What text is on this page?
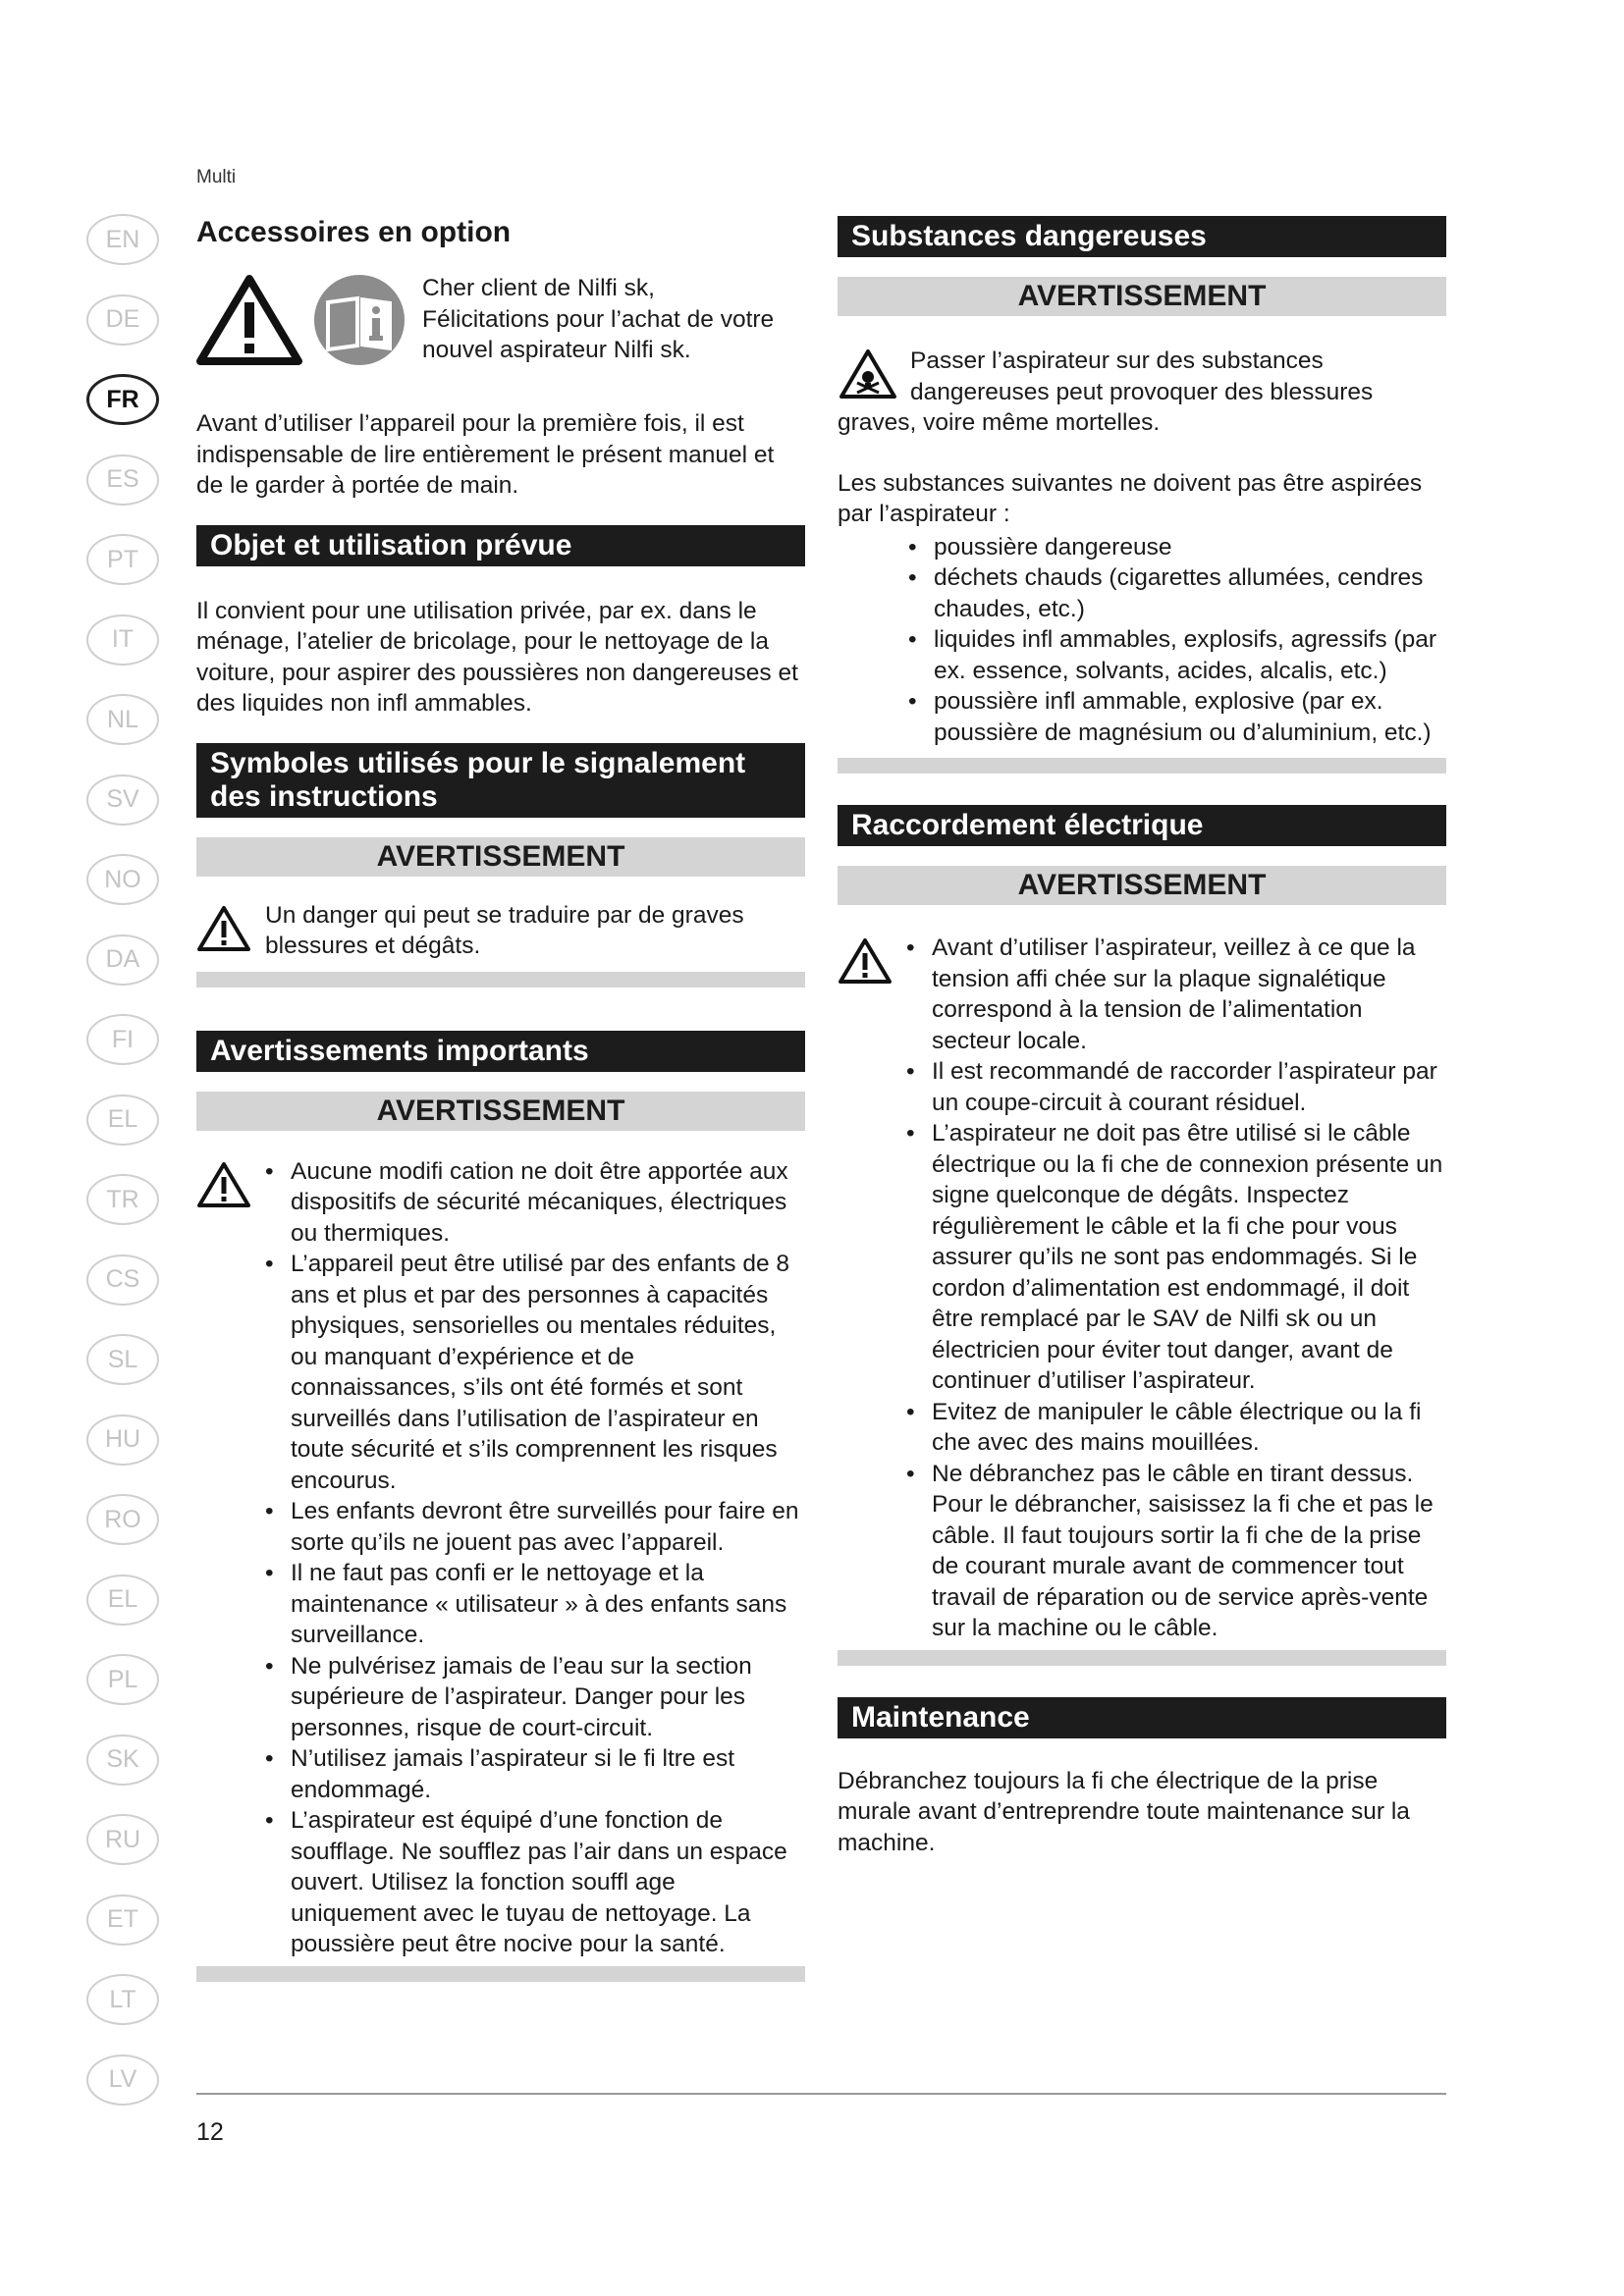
Multi
EN
DE
FR
ES
PT
IT
NL
SV
NO
DA
FI
EL
TR
CS
SL
HU
RO
EL
PL
SK
RU
ET
LT
LV
Accessoires en option

Cher client de Nilfi sk,
Félicitations pour l’achat de votre nouvel aspirateur Nilfi sk.

Avant d’utiliser l’appareil pour la première fois, il est indispensable de lire entièrement le présent manuel et de le garder à portée de main.

Objet et utilisation prévue

Il convient pour une utilisation privée, par ex. dans le ménage, l’atelier de bricolage, pour le nettoyage de la voiture, pour aspirer des poussières non dangereuses et des liquides non infl ammables.

Symboles utilisés pour le signalement des instructions
AVERTISSEMENT

Un danger qui peut se traduire par de graves blessures et dégâts.

Avertissements importants
AVERTISSEMENT
• Aucune modifi cation ne doit être apportée aux dispositifs de sécurité mécaniques, électriques ou thermiques.
• L’appareil peut être utilisé par des enfants de 8 ans et plus et par des personnes à capacités physiques, sensorielles ou mentales réduites, ou manquant d’expérience et de connaissances, s’ils ont été formés et sont surveillés dans l’utilisation de l’aspirateur en toute sécurité et s’ils comprennent les risques encourus.
• Les enfants devront être surveillés pour faire en sorte qu’ils ne jouent pas avec l’appareil.
• Il ne faut pas confi er le nettoyage et la maintenance « utilisateur » à des enfants sans surveillance.
• Ne pulvérisez jamais de l’eau sur la section supérieure de l’aspirateur. Danger pour les personnes, risque de court-circuit.
• N’utilisez jamais l’aspirateur si le fi ltre est endommagé.
• L’aspirateur est équipé d’une fonction de soufflage. Ne soufflez pas l’air dans un espace ouvert. Utilisez la fonction souffl age uniquement avec le tuyau de nettoyage. La poussière peut être nocive pour la santé.
Substances dangereuses
AVERTISSEMENT

Passer l’aspirateur sur des substances dangereuses peut provoquer des blessures graves, voire même mortelles.

Les substances suivantes ne doivent pas être aspirées par l’aspirateur :

• poussière dangereuse
• déchets chauds (cigarettes allumées, cendres chaudes, etc.)
• liquides infl ammables, explosifs, agressifs (par ex. essence, solvants, acides, alcalis, etc.)
• poussière infl ammable, explosive (par ex. poussière de magnésium ou d’aluminium, etc.)
Raccordement électrique
AVERTISSEMENT
• Avant d’utiliser l’aspirateur, veillez à ce que la tension affi chée sur la plaque signalétique correspond à la tension de l’alimentation secteur locale.
• Il est recommandé de raccorder l’aspirateur par un coupe-circuit à courant résiduel.
• L’aspirateur ne doit pas être utilisé si le câble électrique ou la fi che de connexion présente un signe quelconque de dégâts. Inspectez régulièrement le câble et la fi che pour vous assurer qu’ils ne sont pas endommagés. Si le cordon d’alimentation est endommagé, il doit être remplacé par le SAV de Nilfi sk ou un électricien pour éviter tout danger, avant de continuer d’utiliser l’aspirateur.
• Evitez de manipuler le câble électrique ou la fi che avec des mains mouillées.
• Ne débranchez pas le câble en tirant dessus. Pour le débrancher, saisissez la fi che et pas le câble. Il faut toujours sortir la fi che de la prise de courant murale avant de commencer tout travail de réparation ou de service après-vente sur la machine ou le câble.
Maintenance

Débranchez toujours la fi che électrique de la prise murale avant d’entreprendre toute maintenance sur la machine.

12
